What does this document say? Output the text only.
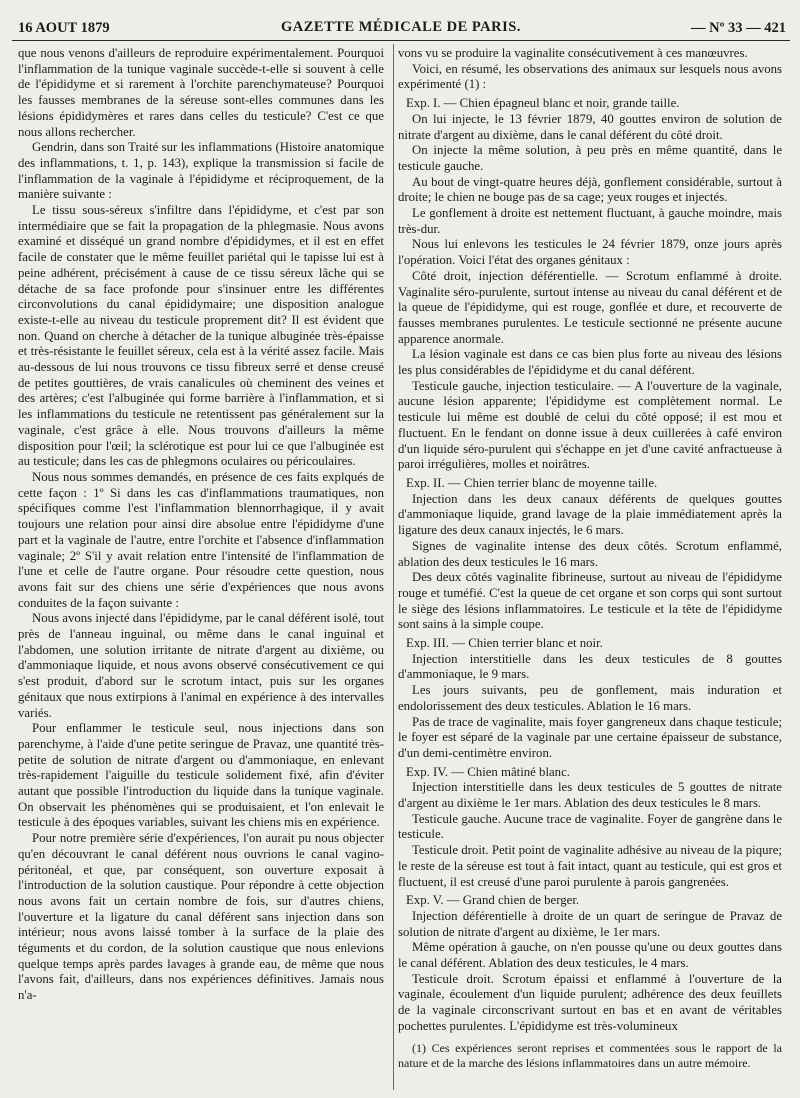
16 AOUT 1879	GAZETTE MÉDICALE DE PARIS.	— Nº 33 — 421

que nous venons d'ailleurs de reproduire expérimentalement. Pourquoi l'inflammation de la tunique vaginale succède-t-elle si souvent à celle de l'épididyme et si rarement à l'orchite parenchymateuse? Pourquoi les fausses membranes de la séreuse sont-elles communes dans les lésions épididymères et rares dans celles du testicule? C'est ce que nous allons rechercher.

Gendrin, dans son Traité sur les inflammations (Histoire anatomique des inflammations, t. 1, p. 143), explique la transmission si facile de l'inflammation de la vaginale à l'épididyme et réciproquement, de la manière suivante :

Le tissu sous-séreux s'infiltre dans l'épididyme, et c'est par son intermédiaire que se fait la propagation de la phlegmasie. Nous avons examiné et disséqué un grand nombre d'épididymes, et il est en effet facile de constater que le même feuillet pariétal qui le tapisse lui est à peine adhérent, précisément à cause de ce tissu séreux lâche qui se détache de sa face profonde pour s'insinuer entre les différentes circonvolutions du canal épididymaire; une disposition analogue existe-t-elle au niveau du testicule proprement dit? Il est évident que non. Quand on cherche à détacher de la tunique albuginée très-épaisse et très-résistante le feuillet séreux, cela est à la vérité assez facile. Mais au-dessous de lui nous trouvons ce tissu fibreux serré et dense creusé de petites gouttières, de vrais canalicules où cheminent des veines et des artères; c'est l'albuginée qui forme barrière à l'inflammation, et si les inflammations du testicule ne retentissent pas généralement sur la vaginale, c'est grâce à elle. Nous trouvons d'ailleurs la même disposition pour l'œil; la sclérotique est pour lui ce que l'albuginée est au testicule; dans les cas de phlegmons oculaires ou péricoulaires.

Nous nous sommes demandés, en présence de ces faits explqués de cette façon : 1º Si dans les cas d'inflammations traumatiques, non spécifiques comme l'est l'inflammation blennorrhagique, il y avait toujours une relation pour ainsi dire absolue entre l'épididyme d'une part et la vaginale de l'autre, entre l'orchite et l'absence d'inflammation vaginale; 2º S'il y avait relation entre l'intensité de l'inflammation de l'une et celle de l'autre organe. Pour résoudre cette question, nous avons fait sur des chiens une série d'expériences que nous avons conduites de la façon suivante :

Nous avons injecté dans l'épididyme, par le canal déférent isolé, tout près de l'anneau inguinal, ou même dans le canal inguinal et l'abdomen, une solution irritante de nitrate d'argent au dixième, ou d'ammoniaque liquide, et nous avons observé consécutivement ce qui s'est produit, d'abord sur le scrotum intact, puis sur les organes génitaux que nous extirpions à l'animal en expérience à des intervalles variés.

Pour enflammer le testicule seul, nous injections dans son parenchyme, à l'aide d'une petite seringue de Pravaz, une quantité très-petite de solution de nitrate d'argent ou d'ammoniaque, en enlevant très-rapidement l'aiguille du testicule solidement fixé, afin d'éviter autant que possible l'introduction du liquide dans la tunique vaginale. On observait les phénomènes qui se produisaient, et l'on enlevait le testicule à des époques variables, suivant les chiens mis en expérience.

Pour notre première série d'expériences, l'on aurait pu nous objecter qu'en découvrant le canal déférent nous ouvrions le canal vagino-péritonéal, et que, par conséquent, son ouverture exposait à l'introduction de la solution caustique. Pour répondre à cette objection nous avons fait un certain nombre de fois, sur d'autres chiens, l'ouverture et la ligature du canal déférent sans injection dans son intérieur; nous avons laissé tomber à la surface de la plaie des téguments et du cordon, de la solution caustique que nous enlevions quelque temps après pardes lavages à grande eau, de même que nous l'avons fait, d'ailleurs, dans nos expériences définitives. Jamais nous n'a-

vons vu se produire la vaginalite consécutivement à ces manœuvres.

Voici, en résumé, les observations des animaux sur lesquels nous avons expérimenté (1) :

Exp. I. — Chien épagneul blanc et noir, grande taille.

On lui injecte, le 13 février 1879, 40 gouttes environ de solution de nitrate d'argent au dixième, dans le canal déférent du côté droit.

On injecte la même solution, à peu près en même quantité, dans le testicule gauche.

Au bout de vingt-quatre heures déjà, gonflement considérable, surtout à droite; le chien ne bouge pas de sa cage; yeux rouges et injectés.

Le gonflement à droite est nettement fluctuant, à gauche moindre, mais très-dur.

Nous lui enlevons les testicules le 24 février 1879, onze jours après l'opération. Voici l'état des organes génitaux :

Côté droit, injection déférentielle. — Scrotum enflammé à droite. Vaginalite séro-purulente, surtout intense au niveau du canal déférent et de la queue de l'épididyme, qui est rouge, gonflée et dure, et recouverte de fausses membranes purulentes. Le testicule sectionné ne présente aucune apparence anormale.

La lésion vaginale est dans ce cas bien plus forte au niveau des lésions les plus considérables de l'épididyme et du canal déférent.

Testicule gauche, injection testiculaire. — A l'ouverture de la vaginale, aucune lésion apparente; l'épididyme est complètement normal. Le testicule lui même est doublé de celui du côté opposé; il est mou et fluctuent. En le fendant on donne issue à deux cuillerées à café environ d'un liquide séro-purulent qui s'échappe en jet d'une cavité anfractueuse à paroi irrégulières, molles et noirâtres.

Exp. II. — Chien terrier blanc de moyenne taille.

Injection dans les deux canaux déférents de quelques gouttes d'ammoniaque liquide, grand lavage de la plaie immédiatement après la ligature des deux canaux injectés, le 6 mars.

Signes de vaginalite intense des deux côtés. Scrotum enflammé, ablation des deux testicules le 16 mars.

Des deux côtés vaginalite fibrineuse, surtout au niveau de l'épididyme rouge et tuméfié. C'est la queue de cet organe et son corps qui sont surtout le siège des lésions inflammatoires. Le testicule et la tête de l'épididyme sont sains à la simple coupe.

Exp. III. — Chien terrier blanc et noir.

Injection interstitielle dans les deux testicules de 8 gouttes d'ammoniaque, le 9 mars.

Les jours suivants, peu de gonflement, mais induration et endolorissement des deux testicules. Ablation le 16 mars.

Pas de trace de vaginalite, mais foyer gangreneux dans chaque testicule; le foyer est séparé de la vaginale par une certaine épaisseur de substance, d'un demi-centimètre environ.

Exp. IV. — Chien mâtiné blanc.

Injection interstitielle dans les deux testicules de 5 gouttes de nitrate d'argent au dixième le 1er mars. Ablation des deux testicules le 8 mars.

Testicule gauche. Aucune trace de vaginalite. Foyer de gangrène dans le testicule.

Testicule droit. Petit point de vaginalite adhésive au niveau de la piqure; le reste de la séreuse est tout à fait intact, quant au testicule, qui est gros et fluctuent, il est creusé d'une paroi purulente à parois gangrenées.

Exp. V. — Grand chien de berger.

Injection déférentielle à droite de un quart de seringue de Pravaz de solution de nitrate d'argent au dixième, le 1er mars.

Même opération à gauche, on n'en pousse qu'une ou deux gouttes dans le canal déférent. Ablation des deux testicules, le 4 mars.

Testicule droit. Scrotum épaissi et enflammé à l'ouverture de la vaginale, écoulement d'un liquide purulent; adhérence des deux feuillets de la vaginale circonscrivant surtout en bas et en avant de véritables pochettes purulentes. L'épididyme est très-volumineux

(1) Ces expériences seront reprises et commentées sous le rapport de la nature et de la marche des lésions inflammatoires dans un autre mémoire.
